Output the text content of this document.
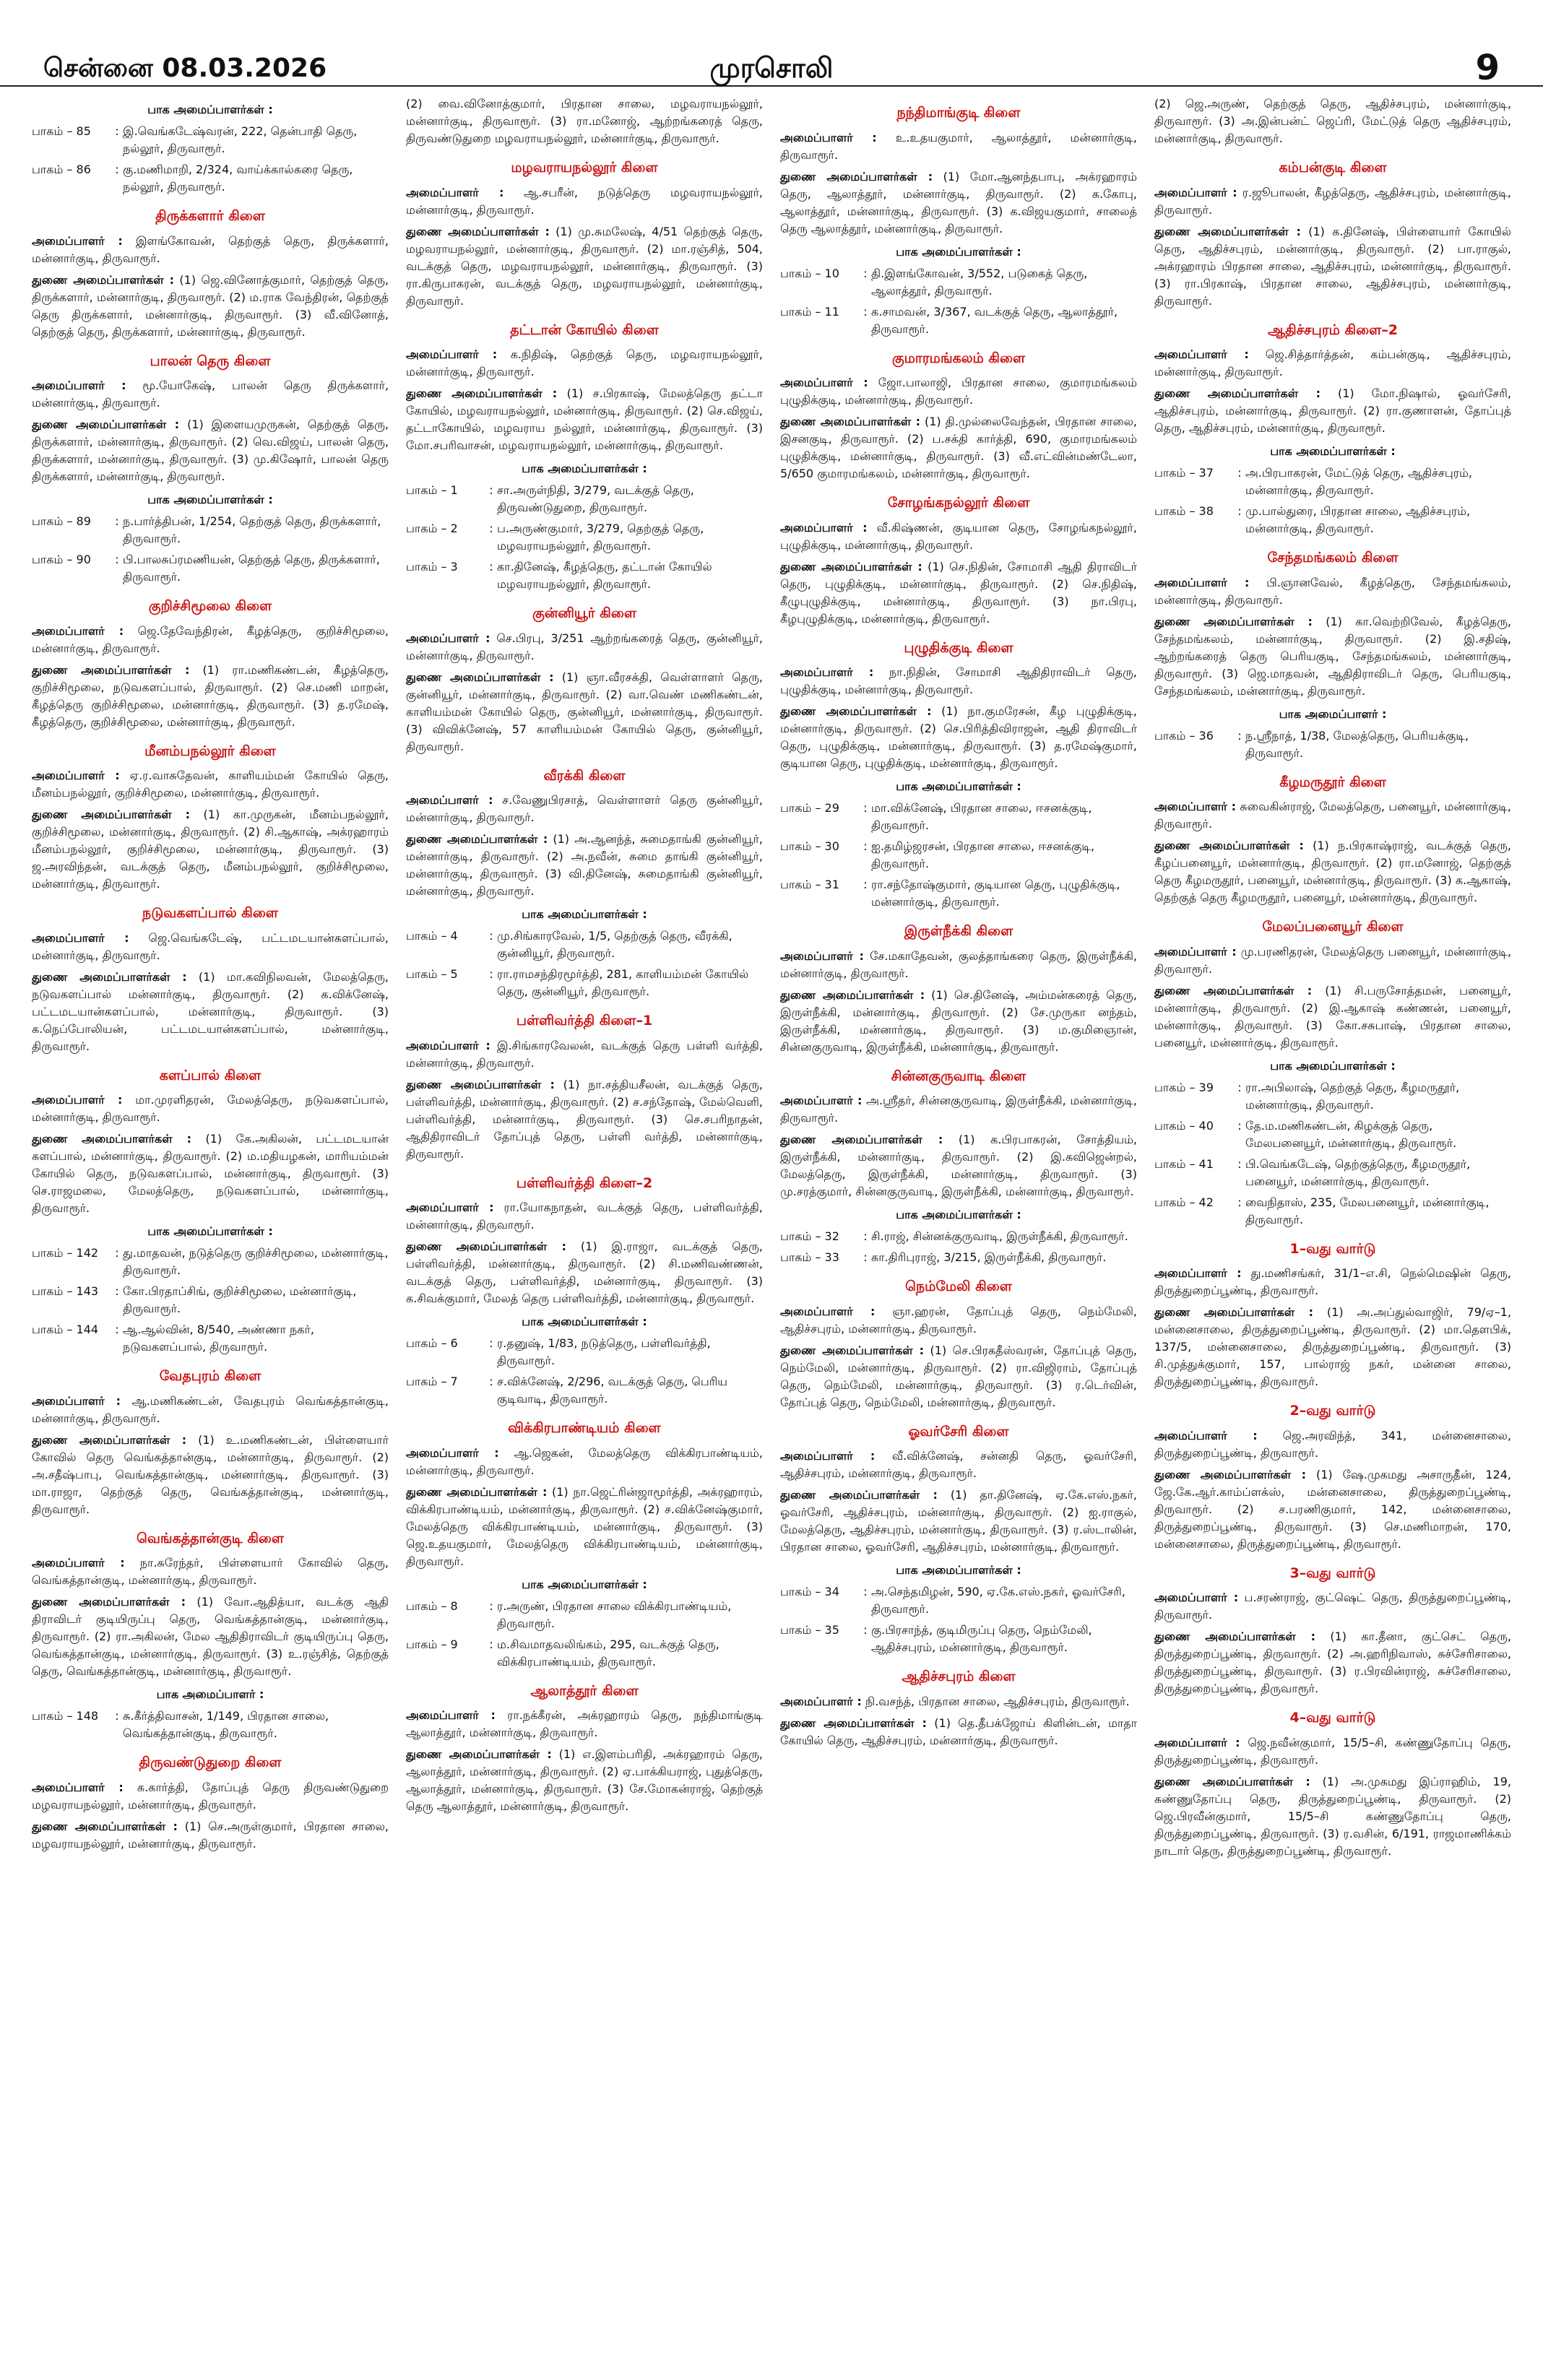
சென்னை 08.03.2026	முரசொலி	9
பாக அமைப்பாளர்கள் :
பாகம் – 85	: இ.வெங்கடேஷ்வரன், 222, தென்பாதி தெரு, நல்லூர், திருவாரூர்.
பாகம் – 86	: கு.மணிமாறி, 2/324, வாய்க்கால்கரை தெரு, நல்லூர், திருவாரூர்.
திருக்களார் கிளை

அமைப்பாளர் : இளங்கோவன், தெற்குத் தெரு, திருக்களார், மன்னார்குடி, திருவாரூர்.

துணை அமைப்பாளர்கள் : (1) ஜெ.வினோத்குமார், தெற்குத் தெரு, திருக்களார், மன்னார்குடி, திருவாரூர். (2) ம.ராக வேந்திரன், தெற்குத் தெரு திருக்களார், மன்னார்குடி, திருவாரூர். (3) வீ.வினோத், தெற்குத் தெரு, திருக்களார், மன்னார்குடி, திருவாரூர்.

பாலன் தெரு கிளை

அமைப்பாளர் : மூ.யோகேஷ், பாலன் தெரு திருக்களார், மன்னார்குடி, திருவாரூர்.

துணை அமைப்பாளர்கள் : (1) இளையமுருகன், தெற்குத் தெரு, திருக்களார், மன்னார்குடி, திருவாரூர். (2) வெ.விஜய், பாலன் தெரு, திருக்களார், மன்னார்குடி, திருவாரூர். (3) மு.கிஷோர், பாலன் தெரு திருக்களார், மன்னார்குடி, திருவாரூர்.

பாக அமைப்பாளர்கள் :
பாகம் – 89	: ந.பார்த்திபன், 1/254, தெற்குத் தெரு, திருக்களார், திருவாரூர்.
பாகம் – 90	: பி.பாலசுப்ரமணியன், தெற்குத் தெரு, திருக்களார், திருவாரூர்.
குறிச்சிமூலை கிளை

அமைப்பாளர் : ஜெ.தேவேந்திரன், கீழத்தெரு, குறிச்சிமூலை, மன்னார்குடி, திருவாரூர்.

துணை அமைப்பாளர்கள் : (1) ரா.மணிகண்டன், கீழத்தெரு, குறிச்சிமூலை, நடுவகளப்பால், திருவாரூர். (2) செ.மணி மாறன், கீழத்தெரு குறிச்சிமூலை, மன்னார்குடி, திருவாரூர். (3) த.ரமேஷ், கீழத்தெரு, குறிச்சிமூலை, மன்னார்குடி, திருவாரூர்.

மீனம்பநல்லூர் கிளை

அமைப்பாளர் : ஏ.ர.வாசுதேவன், காளியம்மன் கோயில் தெரு, மீனம்பநல்லூர், குறிச்சிமூலை, மன்னார்குடி, திருவாரூர்.

துணை அமைப்பாளர்கள் : (1) கா.முருகன், மீனம்பநல்லூர், குறிச்சிமூலை, மன்னார்குடி, திருவாரூர். (2) சி.ஆகாஷ், அக்ரஹாரம் மீனம்பநல்லூர், குறிச்சிமூலை, மன்னார்குடி, திருவாரூர். (3) ஜ.அரவிந்தன், வடக்குத் தெரு, மீனம்பநல்லூர், குறிச்சிமூலை, மன்னார்குடி, திருவாரூர்.

நடுவகளப்பால் கிளை

அமைப்பாளர் : ஜெ.வெங்கடேஷ், பட்டமடயான்களப்பால், மன்னார்குடி, திருவாரூர்.

துணை அமைப்பாளர்கள் : (1) மா.கவிநிலவன், மேலத்தெரு, நடுவகளப்பால் மன்னார்குடி, திருவாரூர். (2) க.விக்னேஷ், பட்டமடயான்களப்பால், மன்னார்குடி, திருவாரூர். (3) க.நெப்போலியன், பட்டமடயான்களப்பால், மன்னார்குடி, திருவாரூர்.

களப்பால் கிளை

அமைப்பாளர் : மா.முரளிதரன், மேலத்தெரு, நடுவகளப்பால், மன்னார்குடி, திருவாரூர்.

துணை அமைப்பாளர்கள் : (1) கே.அகிலன், பட்டமடயான் களப்பால், மன்னார்குடி, திருவாரூர். (2) ம.மதியழகன், மாரியம்மன் கோயில் தெரு, நடுவகளப்பால், மன்னார்குடி, திருவாரூர். (3) செ.ராஜமலை, மேலத்தெரு, நடுவகளப்பால், மன்னார்குடி, திருவாரூர்.

பாக அமைப்பாளர்கள் :
பாகம் – 142	: து.மாதவன், நடுத்தெரு குறிச்சிமூலை, மன்னார்குடி, திருவாரூர்.
பாகம் – 143	: கோ.பிரதாப்சிங், குறிச்சிமூலை, மன்னார்குடி, திருவாரூர்.
பாகம் – 144	: ஆ.ஆல்வின், 8/540, அண்ணா நகர், நடுவகளப்பால், திருவாரூர்.
வேதபுரம் கிளை

அமைப்பாளர் : ஆ.மணிகண்டன், வேதபுரம் வெங்கத்தான்குடி, மன்னார்குடி, திருவாரூர்.

துணை அமைப்பாளர்கள் : (1) உ.மணிகண்டன், பிள்ளையார் கோவில் தெரு வெங்கத்தான்குடி, மன்னார்குடி, திருவாரூர். (2) அ.சதீஷ்பாபு, வெங்கத்தான்குடி, மன்னார்குடி, திருவாரூர். (3) மா.ராஜா, தெற்குத் தெரு, வெங்கத்தான்குடி, மன்னார்குடி, திருவாரூர்.

வெங்கத்தான்குடி கிளை

அமைப்பாளர் : நா.சுரேந்தர், பிள்ளையார் கோவில் தெரு, வெங்கத்தான்குடி, மன்னார்குடி, திருவாரூர்.

துணை அமைப்பாளர்கள் : (1) வோ.ஆதித்யா, வடக்கு ஆதி திராவிடர் குடியிருப்பு தெரு, வெங்கத்தான்குடி, மன்னார்குடி, திருவாரூர். (2) ரா.அகிலன், மேல ஆதிதிராவிடர் குடியிருப்பு தெரு, வெங்கத்தான்குடி, மன்னார்குடி, திருவாரூர். (3) உ.ரஞ்சித், தெற்குத் தெரு, வெங்கத்தான்குடி, மன்னார்குடி, திருவாரூர்.

பாக அமைப்பாளர் :
பாகம் – 148	: சு.கீர்த்திவாசன், 1/149, பிரதான சாலை, வெங்கத்தான்குடி, திருவாரூர்.
திருவண்டுதுறை கிளை

அமைப்பாளர் : க.கார்த்தி, தோப்புத் தெரு திருவண்டுதுறை மழவராயநல்லூர், மன்னார்குடி, திருவாரூர்.

துணை அமைப்பாளர்கள் : (1) செ.அருள்குமார், பிரதான சாலை, மழவராயநல்லூர், மன்னார்குடி, திருவாரூர்.

(2) வை.வினோத்குமார், பிரதான சாலை, மழவராயநல்லூர், மன்னார்குடி, திருவாரூர். (3) ரா.மனோஜ், ஆற்றங்கரைத் தெரு, திருவண்டுதுறை மழவராயநல்லூர், மன்னார்குடி, திருவாரூர்.

மழவராயநல்லூர் கிளை

அமைப்பாளர் : ஆ.சபரீன், நடுத்தெரு மழவராயநல்லூர், மன்னார்குடி, திருவாரூர்.

துணை அமைப்பாளர்கள் : (1) மு.சுமலேஷ், 4/51 தெற்குத் தெரு, மழவராயநல்லூர், மன்னார்குடி, திருவாரூர். (2) மா.ரஞ்சித், 504, வடக்குத் தெரு, மழவராயநல்லூர், மன்னார்குடி, திருவாரூர். (3) ரா.கிருபாகரன், வடக்குத் தெரு, மழவராயநல்லூர், மன்னார்குடி, திருவாரூர்.

தட்டான் கோயில் கிளை

அமைப்பாளர் : க.நிதிஷ், தெற்குத் தெரு, மழவராயநல்லூர், மன்னார்குடி, திருவாரூர்.

துணை அமைப்பாளர்கள் : (1) ச.பிரகாஷ், மேலத்தெரு தட்டா கோயில், மழவராயநல்லூர், மன்னார்குடி, திருவாரூர். (2) செ.விஜய், தட்டாகோயில், மழவராய நல்லூர், மன்னார்குடி, திருவாரூர். (3) மோ.சபரிவாசன், மழவராயநல்லூர், மன்னார்குடி, திருவாரூர்.

பாக அமைப்பாளர்கள் :
பாகம் – 1	: சா.அருள்நிதி, 3/279, வடக்குத் தெரு, திருவண்டுதுறை, திருவாரூர்.
பாகம் – 2	: ப.அருண்குமார், 3/279, தெற்குத் தெரு, மழவராயநல்லூர், திருவாரூர்.
பாகம் – 3	: கா.தினேஷ், கீழத்தெரு, தட்டான் கோயில் மழவராயநல்லூர், திருவாரூர்.
குன்னியூர் கிளை

அமைப்பாளர் : செ.பிரபு, 3/251 ஆற்றங்கரைத் தெரு, குன்னியூர், மன்னார்குடி, திருவாரூர்.

துணை அமைப்பாளர்கள் : (1) ஞா.வீரசக்தி, வெள்ளாளர் தெரு, குன்னியூர், மன்னார்குடி, திருவாரூர். (2) வா.வெண் மணிகண்டன், காளியம்மன் கோயில் தெரு, குன்னியூர், மன்னார்குடி, திருவாரூர். (3) விவிக்னேஷ், 57 காளியம்மன் கோயில் தெரு, குன்னியூர், திருவாரூர்.

வீரக்கி கிளை

அமைப்பாளர் : ச.வேணுபிரசாத், வெள்ளாளர் தெரு குன்னியூர், மன்னார்குடி, திருவாரூர்.

துணை அமைப்பாளர்கள் : (1) அ.ஆனந்த், சுமைதாங்கி குன்னியூர், மன்னார்குடி, திருவாரூர். (2) அ.நவீன், சுமை தாங்கி குன்னியூர், மன்னார்குடி, திருவாரூர். (3) வி.தினேஷ், சுமைதாங்கி குன்னியூர், மன்னார்குடி, திருவாரூர்.

பாக அமைப்பாளர்கள் :
பாகம் – 4	: மு.சிங்காரவேல், 1/5, தெற்குத் தெரு, வீரக்கி, குன்னியூர், திருவாரூர்.
பாகம் – 5	: ரா.ராமசந்திரமூர்த்தி, 281, காளியம்மன் கோயில் தெரு, குன்னியூர், திருவாரூர்.
பள்ளிவர்த்தி கிளை–1

அமைப்பாளர் : இ.சிங்காரவேலன், வடக்குத் தெரு பள்ளி வர்த்தி, மன்னார்குடி, திருவாரூர்.

துணை அமைப்பாளர்கள் : (1) நா.சத்தியசீலன், வடக்குத் தெரு, பள்ளிவர்த்தி, மன்னார்குடி, திருவாரூர். (2) ச.சந்தோஷ், மேல்வெளி, பள்ளிவர்த்தி, மன்னார்குடி, திருவாரூர். (3) செ.சபரிநாதன், ஆதிதிராவிடர் தோப்புத் தெரு, பள்ளி வர்த்தி, மன்னார்குடி, திருவாரூர்.

பள்ளிவர்த்தி கிளை–2

அமைப்பாளர் : ரா.யோகநாதன், வடக்குத் தெரு, பள்ளிவர்த்தி, மன்னார்குடி, திருவாரூர்.

துணை அமைப்பாளர்கள் : (1) இ.ராஜா, வடக்குத் தெரு, பள்ளிவர்த்தி, மன்னார்குடி, திருவாரூர். (2) சி.மணிவண்ணன், வடக்குத் தெரு, பள்ளிவர்த்தி, மன்னார்குடி, திருவாரூர். (3) க.சிவக்குமார், மேலத் தெரு பள்ளிவர்த்தி, மன்னார்குடி, திருவாரூர்.

பாக அமைப்பாளர்கள் :
பாகம் – 6	: ர.தனுஷ், 1/83, நடுத்தெரு, பள்ளிவர்த்தி, திருவாரூர்.
பாகம் – 7	: ச.விக்னேஷ், 2/296, வடக்குத் தெரு, பெரிய குடிவாடி, திருவாரூர்.
விக்கிரபாண்டியம் கிளை

அமைப்பாளர் : ஆ.ஜெகன், மேலத்தெரு விக்கிரபாண்டியம், மன்னார்குடி, திருவாரூர்.

துணை அமைப்பாளர்கள் : (1) நா.ஜெட்ரின்ஜாமூர்த்தி, அக்ரஹாரம், விக்கிரபாண்டியம், மன்னார்குடி, திருவாரூர். (2) ச.விக்னேஷ்குமார், மேலத்தெரு விக்கிரபாண்டியம், மன்னார்குடி, திருவாரூர். (3) ஜெ.உதயகுமார், மேலத்தெரு விக்கிரபாண்டியம், மன்னார்குடி, திருவாரூர்.

பாக அமைப்பாளர்கள் :
பாகம் – 8	: ர.அருண், பிரதான சாலை விக்கிரபாண்டியம், திருவாரூர்.
பாகம் – 9	: ம.சிவமாதவலிங்கம், 295, வடக்குத் தெரு, விக்கிரபாண்டியம், திருவாரூர்.
ஆலாத்தூர் கிளை

அமைப்பாளர் : ரா.நக்கீரன், அக்ரஹாரம் தெரு, நந்திமாங்குடி ஆலாத்தூர், மன்னார்குடி, திருவாரூர்.

துணை அமைப்பாளர்கள் : (1) எ.இளம்பரிதி, அக்ரஹாரம் தெரு, ஆலாத்தூர், மன்னார்குடி, திருவாரூர். (2) ஏ.பாக்கியராஜ், புதுத்தெரு, ஆலாத்தூர், மன்னார்குடி, திருவாரூர். (3) சே.மோகன்ராஜ், தெற்குத் தெரு ஆலாத்தூர், மன்னார்குடி, திருவாரூர்.

நந்திமாங்குடி கிளை

அமைப்பாளர் : உ.உதயகுமார், ஆலாத்தூர், மன்னார்குடி, திருவாரூர்.

துணை அமைப்பாளர்கள் : (1) மோ.ஆனந்தபாபு, அக்ரஹாரம் தெரு, ஆலாத்தூர், மன்னார்குடி, திருவாரூர். (2) க.கோபு, ஆலாத்தூர், மன்னார்குடி, திருவாரூர். (3) க.விஜயகுமார், சாலைத் தெரு ஆலாத்தூர், மன்னார்குடி, திருவாரூர்.

பாக அமைப்பாளர்கள் :
பாகம் – 10	: தி.இளங்கோவன், 3/552, படுகைத் தெரு, ஆலாத்தூர், திருவாரூர்.
பாகம் – 11	: க.சாமவன், 3/367, வடக்குத் தெரு, ஆலாத்தூர், திருவாரூர்.
குமாரமங்கலம் கிளை

அமைப்பாளர் : ஜோ.பாலாஜி, பிரதான சாலை, குமாரமங்கலம் புழுதிக்குடி, மன்னார்குடி, திருவாரூர்.

துணை அமைப்பாளர்கள் : (1) தி.முல்லைவேந்தன், பிரதான சாலை, இசனகுடி, திருவாரூர். (2) ப.சக்தி கார்த்தி, 690, குமாரமங்கலம் புழுதிக்குடி, மன்னார்குடி, திருவாரூர். (3) வீ.எட்வின்மண்டேலா, 5/650 குமாரமங்கலம், மன்னார்குடி, திருவாரூர்.

சோழங்கநல்லூர் கிளை

அமைப்பாளர் : வீ.கிஷ்ணன், குடியான தெரு, சோழங்கநல்லூர், புழுதிக்குடி, மன்னார்குடி, திருவாரூர்.

துணை அமைப்பாளர்கள் : (1) செ.நிதின், சோமாசி ஆதி திராவிடர் தெரு, புழுதிக்குடி, மன்னார்குடி, திருவாரூர். (2) செ.நிதிஷ், கீழுபுழுதிக்குடி, மன்னார்குடி, திருவாரூர். (3) நா.பிரபு, கீழபுழுதிக்குடி, மன்னார்குடி, திருவாரூர்.

புழுதிக்குடி கிளை

அமைப்பாளர் : நா.நிதின், சோமாசி ஆதிதிராவிடர் தெரு, புழுதிக்குடி, மன்னார்குடி, திருவாரூர்.

துணை அமைப்பாளர்கள் : (1) நா.குமரேசன், கீழ புழுதிக்குடி, மன்னார்குடி, திருவாரூர். (2) செ.பிரித்திவிராஜன், ஆதி திராவிடர் தெரு, புழுதிக்குடி, மன்னார்குடி, திருவாரூர். (3) த.ரமேஷ்குமார், குடியான தெரு, புழுதிக்குடி, மன்னார்குடி, திருவாரூர்.

பாக அமைப்பாளர்கள் :
பாகம் – 29	: மா.விக்னேஷ், பிரதான சாலை, ஈசனக்குடி, திருவாரூர்.
பாகம் – 30	: ஐ.தமிழ்ஜரசன், பிரதான சாலை, ஈசனக்குடி, திருவாரூர்.
பாகம் – 31	: ரா.சந்தோஷ்குமார், குடியான தெரு, புழுதிக்குடி, மன்னார்குடி, திருவாரூர்.
இருள்நீக்கி கிளை

அமைப்பாளர் : சே.மகாதேவன், குலத்தாங்கரை தெரு, இருள்நீக்கி, மன்னார்குடி, திருவாரூர்.

துணை அமைப்பாளர்கள் : (1) செ.தினேஷ், அம்மன்கரைத் தெரு, இருள்நீக்கி, மன்னார்குடி, திருவாரூர். (2) சே.முருகா னந்தம், இருள்நீக்கி, மன்னார்குடி, திருவாரூர். (3) ம.குமிஞைான், சின்னகுருவாடி, இருள்நீக்கி, மன்னார்குடி, திருவாரூர்.

சின்னகுருவாடி கிளை

அமைப்பாளர் : அ.ஸ்ரீதர், சின்னகுருவாடி, இருள்நீக்கி, மன்னார்குடி, திருவாரூர்.

துணை அமைப்பாளர்கள் : (1) க.பிரபாகரன், சோத்தியம், இருள்நீக்கி, மன்னார்குடி, திருவாரூர். (2) இ.கவிஜென்றல், மேலத்தெரு, இருள்நீக்கி, மன்னார்குடி, திருவாரூர். (3) மு.சரத்குமார், சின்னகுருவாடி, இருள்நீக்கி, மன்னார்குடி, திருவாரூர்.

பாக அமைப்பாளர்கள் :
பாகம் – 32	: சி.ராஜ், சின்னக்குருவாடி, இருள்நீக்கி, திருவாரூர்.
பாகம் – 33	: கா.திரிபுராஜ், 3/215, இருள்நீக்கி, திருவாரூர்.
நெம்மேலி கிளை

அமைப்பாளர் : ஞா.ஹரன், தோப்புத் தெரு, நெம்மேலி, ஆதிச்சபுரம், மன்னார்குடி, திருவாரூர்.

துணை அமைப்பாளர்கள் : (1) செ.பிரகதீஸ்வரன், தோப்புத் தெரு, நெம்மேலி, மன்னார்குடி, திருவாரூர். (2) ரா.விஜிராம், தோப்புத் தெரு, நெம்மேலி, மன்னார்குடி, திருவாரூர். (3) ர.டெர்வின், தோப்புத் தெரு, நெம்மேலி, மன்னார்குடி, திருவாரூர்.

ஓவர்சேரி கிளை

அமைப்பாளர் : வீ.விக்னேஷ், சன்னதி தெரு, ஓவர்சேரி, ஆதிச்சபுரம், மன்னார்குடி, திருவாரூர்.

துணை அமைப்பாளர்கள் : (1) தா.தினேஷ், ஏ.கே.எஸ்.நகர், ஓவர்சேரி, ஆதிச்சபுரம், மன்னார்குடி, திருவாரூர். (2) ஐ.ராகுல், மேலத்தெரு, ஆதிச்சபுரம், மன்னார்குடி, திருவாரூர். (3) ர.ஸ்டாலின், பிரதான சாலை, ஓவர்சேரி, ஆதிச்சபுரம், மன்னார்குடி, திருவாரூர்.

பாக அமைப்பாளர்கள் :
பாகம் – 34	: அ.செந்தமிழன், 590, ஏ.கே.எஸ்.நகர், ஓவர்சேரி, திருவாரூர்.
பாகம் – 35	: கு.பிரசாந்த், குடிமிருப்பு தெரு, நெம்மேலி, ஆதிச்சபுரம், மன்னார்குடி, திருவாரூர்.
ஆதிச்சபுரம் கிளை

அமைப்பாளர் : நி.வசந்த், பிரதான சாலை, ஆதிச்சபுரம், திருவாரூர்.

துணை அமைப்பாளர்கள் : (1) தெ.தீபக்ஜோய் கிளின்டன், மாதா கோயில் தெரு, ஆதிச்சபுரம், மன்னார்குடி, திருவாரூர்.

(2) ஜெ.அருண், தெற்குத் தெரு, ஆதிச்சபுரம், மன்னார்குடி, திருவாரூர். (3) அ.இன்பன்ட் ஜெப்ரி, மேட்டுத் தெரு ஆதிச்சபுரம், மன்னார்குடி, திருவாரூர்.

கம்பன்குடி கிளை

அமைப்பாளர் : ர.ஜூபாலன், கீழத்தெரு, ஆதிச்சபுரம், மன்னார்குடி, திருவாரூர்.

துணை அமைப்பாளர்கள் : (1) க.தினேஷ், பிள்ளையார் கோயில் தெரு, ஆதிச்சபுரம், மன்னார்குடி, திருவாரூர். (2) பா.ராகுல், அக்ரஹாரம் பிரதான சாலை, ஆதிச்சபுரம், மன்னார்குடி, திருவாரூர். (3) ரா.பிரகாஷ், பிரதான சாலை, ஆதிச்சபுரம், மன்னார்குடி, திருவாரூர்.

ஆதிச்சபுரம் கிளை–2

அமைப்பாளர் : ஜெ.சித்தார்த்தன், கம்பன்குடி, ஆதிச்சபுரம், மன்னார்குடி, திருவாரூர்.

துணை அமைப்பாளர்கள் : (1) மோ.நிஷால், ஓவர்சேரி, ஆதிச்சபுரம், மன்னார்குடி, திருவாரூர். (2) ரா.குணாளன், தோப்புத் தெரு, ஆதிச்சபுரம், மன்னார்குடி, திருவாரூர்.

பாக அமைப்பாளர்கள் :
பாகம் – 37	: அ.பிரபாகரன், மேட்டுத் தெரு, ஆதிச்சபுரம், மன்னார்குடி, திருவாரூர்.
பாகம் – 38	: மு.பால்துரை, பிரதான சாலை, ஆதிச்சபுரம், மன்னார்குடி, திருவாரூர்.
சேந்தமங்கலம் கிளை

அமைப்பாளர் : பி.ஞானவேல், கீழத்தெரு, சேந்தமங்கலம், மன்னார்குடி, திருவாரூர்.

துணை அமைப்பாளர்கள் : (1) கா.வெற்றிவேல், கீழத்தெரு, சேந்தமங்கலம், மன்னார்குடி, திருவாரூர். (2) இ.சதிஷ், ஆற்றங்கரைத் தெரு பெரியகுடி, சேந்தமங்கலம், மன்னார்குடி, திருவாரூர். (3) ஜெ.மாதவன், ஆதிதிராவிடர் தெரு, பெரியகுடி, சேந்தமங்கலம், மன்னார்குடி, திருவாரூர்.

பாக அமைப்பாளர் :
பாகம் – 36	: ந.ஸ்ரீநாத், 1/38, மேலத்தெரு, பெரியக்குடி, திருவாரூர்.
கீழமருதூர் கிளை

அமைப்பாளர் : சுவைகின்ராஜ், மேலத்தெரு, பனையூர், மன்னார்குடி, திருவாரூர்.

துணை அமைப்பாளர்கள் : (1) ந.பிரகாஷ்ராஜ், வடக்குத் தெரு, கீழப்பனையூர், மன்னார்குடி, திருவாரூர். (2) ரா.மனோஜ், தெற்குத் தெரு கீழமருதூர், பனையூர், மன்னார்குடி, திருவாரூர். (3) க.ஆகாஷ், தெற்குத் தெரு கீழமருதூர், பனையூர், மன்னார்குடி, திருவாரூர்.

மேலப்பனையூர் கிளை

அமைப்பாளர் : மு.பரணிதரன், மேலத்தெரு பனையூர், மன்னார்குடி, திருவாரூர்.

துணை அமைப்பாளர்கள் : (1) சி.பருசோத்தமன், பனையூர், மன்னார்குடி, திருவாரூர். (2) இ.ஆகாஷ் கண்ணன், பனையூர், மன்னார்குடி, திருவாரூர். (3) கோ.சசுபாஷ், பிரதான சாலை, பனையூர், மன்னார்குடி, திருவாரூர்.

பாக அமைப்பாளர்கள் :
பாகம் – 39	: ரா.அபிலாஷ், தெற்குத் தெரு, கீழமருதூர், மன்னார்குடி, திருவாரூர்.
பாகம் – 40	: தே.ம.மணிகண்டன், கிழக்குத் தெரு, மேலபனையூர், மன்னார்குடி, திருவாரூர்.
பாகம் – 41	: பி.வெங்கடேஷ், தெற்குத்தெரு, கீழமருதூர், பனையூர், மன்னார்குடி, திருவாரூர்.
பாகம் – 42	: வைநிதாஸ், 235, மேலபனையூர், மன்னார்குடி, திருவாரூர்.
1–வது வார்டு

அமைப்பாளர் : து.மணிசங்கர், 31/1–எ.சி, நெல்மெஷின் தெரு, திருத்துறைப்பூண்டி, திருவாரூர்.

துணை அமைப்பாளர்கள் : (1) அ.அப்துல்வாஜிர், 79/ஏ–1, மன்னைசாலை, திருத்துறைப்பூண்டி, திருவாரூர். (2) மா.தெளபிக், 137/5, மன்னைசாலை, திருத்துறைப்பூண்டி, திருவாரூர். (3) சி.முத்துக்குமார், 157, பால்ராஜ் நகர், மன்னை சாலை, திருத்துறைப்பூண்டி, திருவாரூர்.

2–வது வார்டு

அமைப்பாளர் : ஜெ.அரவிந்த், 341, மன்னைசாலை, திருத்துறைப்பூண்டி, திருவாரூர்.

துணை அமைப்பாளர்கள் : (1) ஷே.முகமது அசாருதீன், 124, ஜே.கே.ஆர்.காம்ப்ளக்ஸ், மன்னைசாலை, திருத்துறைப்பூண்டி, திருவாரூர். (2) ச.பரணிகுமார், 142, மன்னைசாலை, திருத்துறைப்பூண்டி, திருவாரூர். (3) செ.மணிமாறன், 170, மன்னைசாலை, திருத்துறைப்பூண்டி, திருவாரூர்.

3–வது வார்டு

அமைப்பாளர் : ப.சரண்ராஜ், குட்ஷெட் தெரு, திருத்துறைப்பூண்டி, திருவாரூர்.

துணை அமைப்பாளர்கள் : (1) கா.தீனா, குட்செட் தெரு, திருத்துறைப்பூண்டி, திருவாரூர். (2) அ.ஹரிநிவாஸ், சுச்சேரிசாலை, திருத்துறைப்பூண்டி, திருவாரூர். (3) ர.பிரவின்ராஜ், சுச்சேரிசாலை, திருத்துறைப்பூண்டி, திருவாரூர்.

4–வது வார்டு

அமைப்பாளர் : ஜெ.நவீன்குமார், 15/5–சி, கண்ணுதோப்பு தெரு, திருத்துறைப்பூண்டி, திருவாரூர்.

துணை அமைப்பாளர்கள் : (1) அ.முகமது இப்ராஹிம், 19, கண்ணுதோப்பு தெரு, திருத்துறைப்பூண்டி, திருவாரூர். (2) ஜெ.பிரவீன்குமார், 15/5–சி கண்ணுதோப்பு தெரு, திருத்துறைப்பூண்டி, திருவாரூர். (3) ர.வசின், 6/191, ராஜமாணிக்கம் நாடார் தெரு, திருத்துறைப்பூண்டி, திருவாரூர்.
